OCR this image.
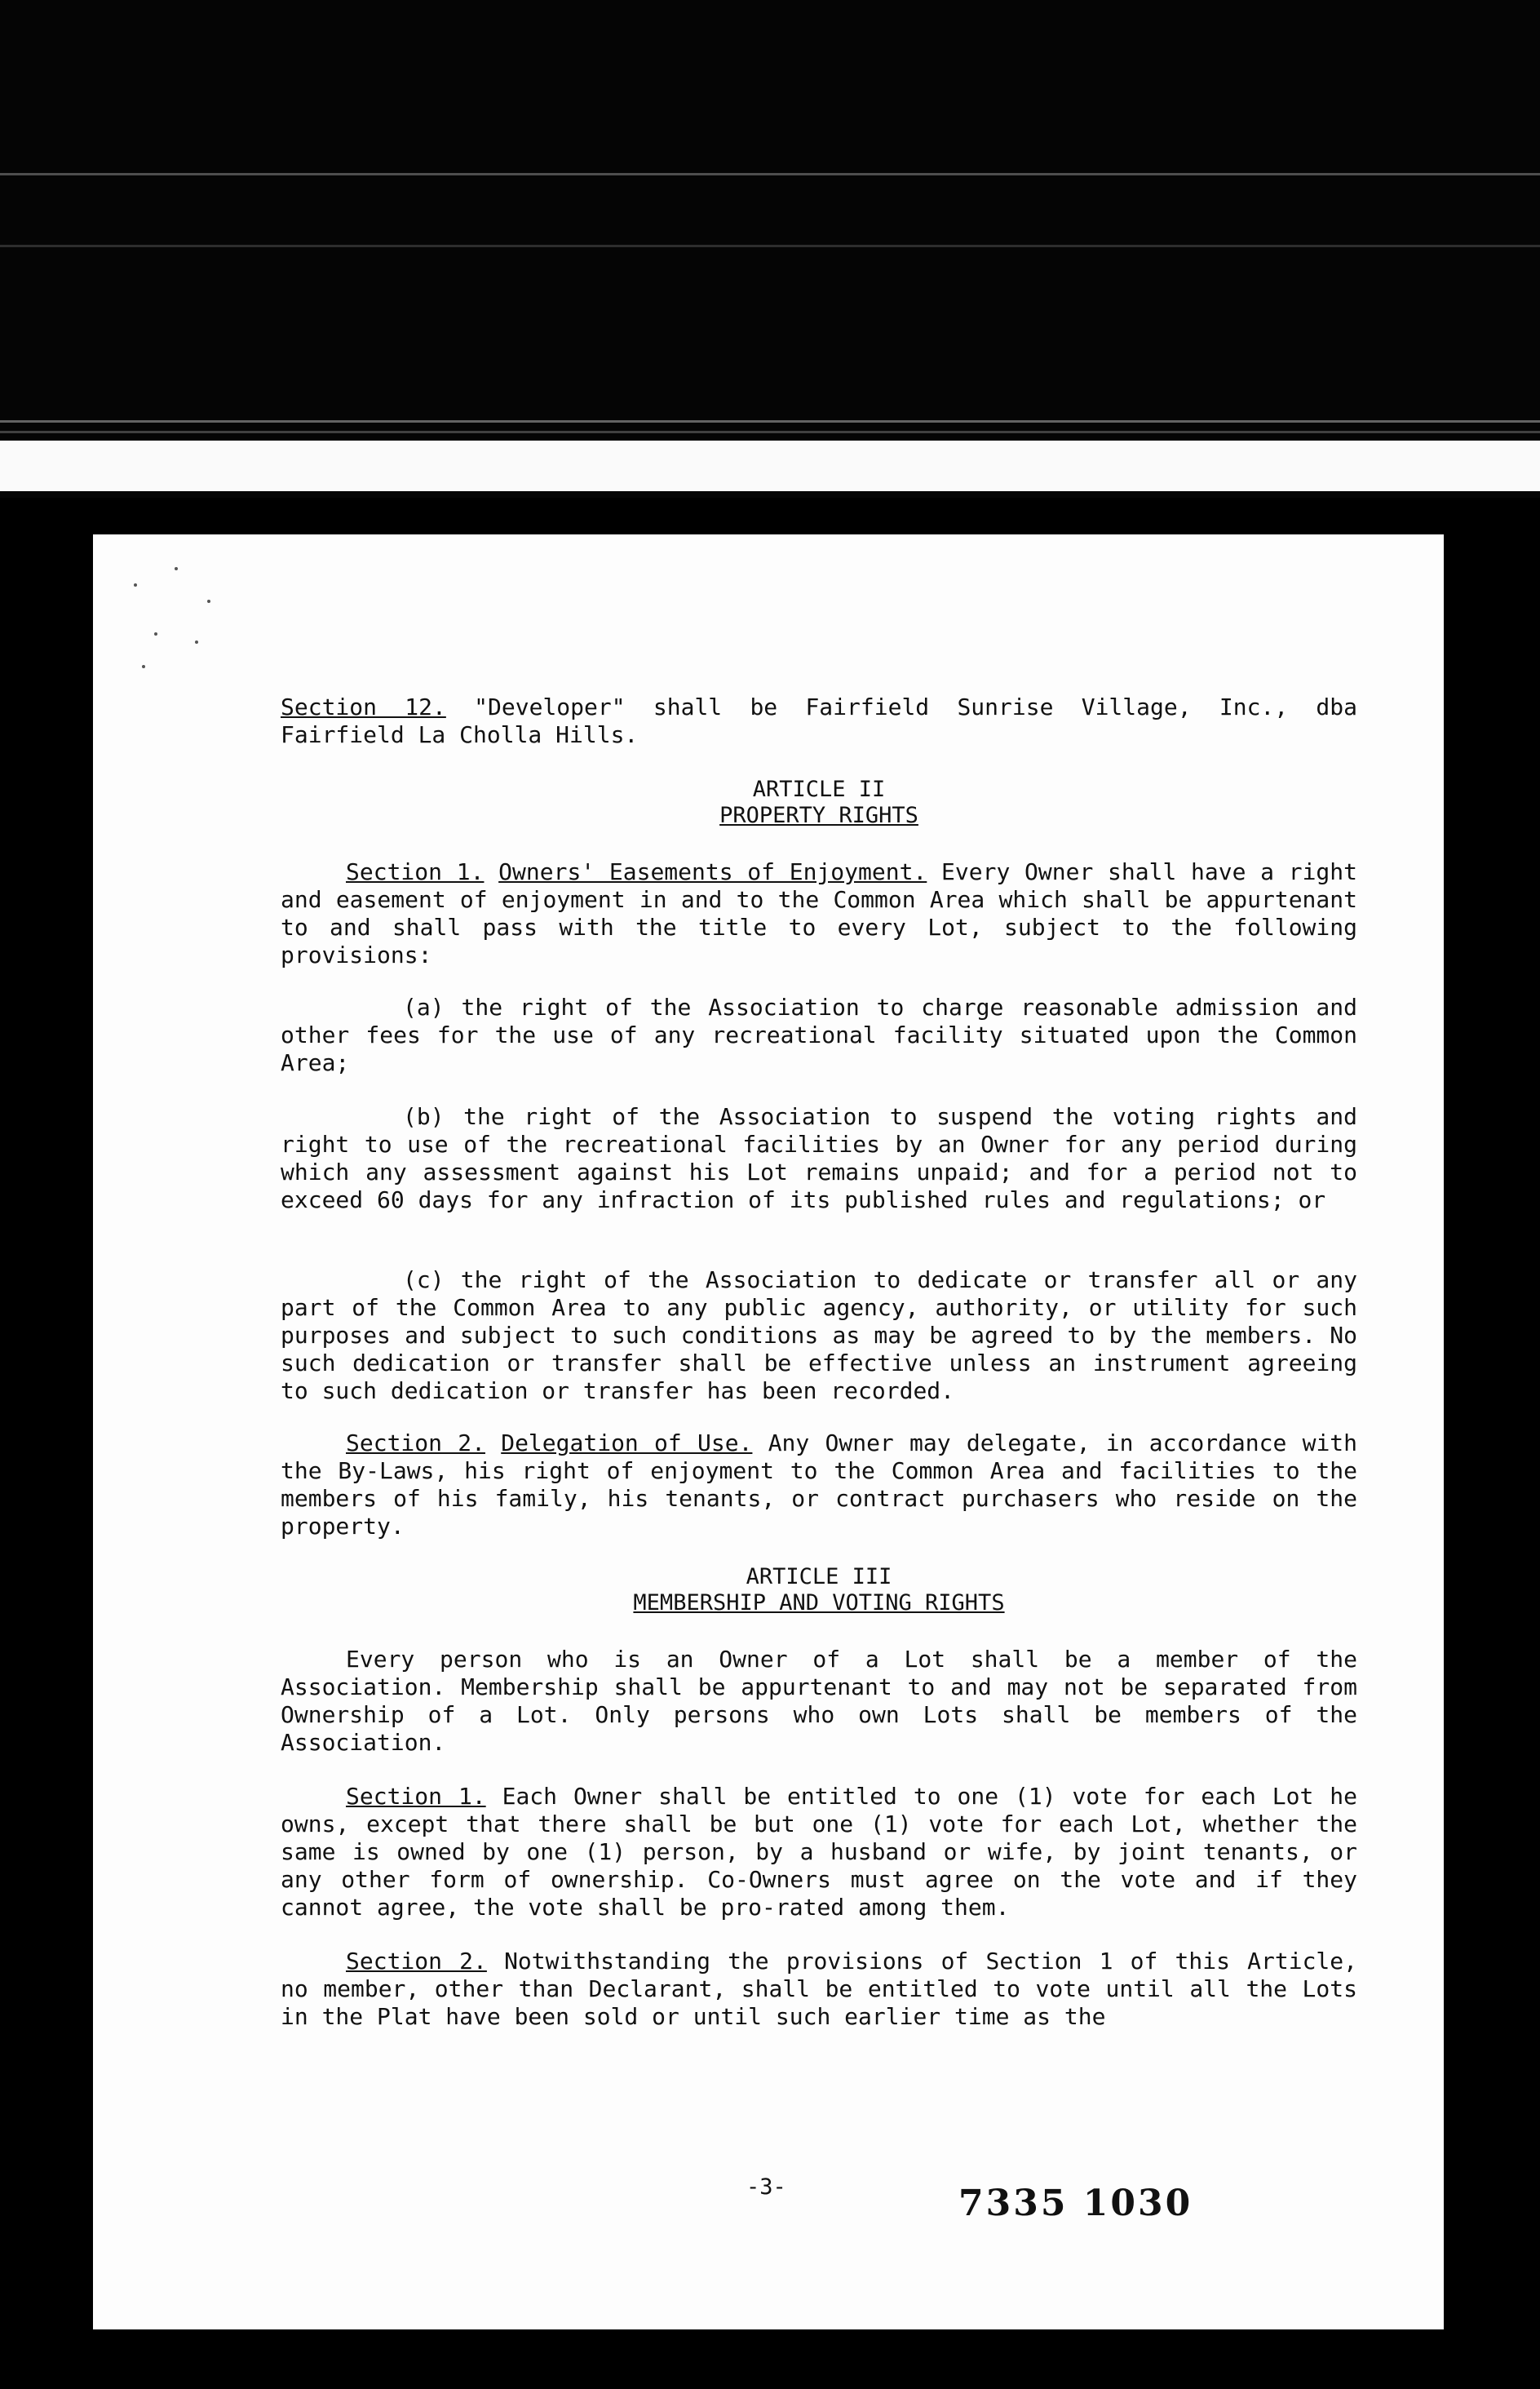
Section 12. "Developer" shall be Fairfield Sunrise Village, Inc., dba Fairfield La Cholla Hills.

ARTICLE II
PROPERTY RIGHTS

Section 1. Owners' Easements of Enjoyment. Every Owner shall have a right and easement of enjoyment in and to the Common Area which shall be appurtenant to and shall pass with the title to every Lot, subject to the following provisions:

(a) the right of the Association to charge reasonable admission and other fees for the use of any recreational facility situated upon the Common Area;

(b) the right of the Association to suspend the voting rights and right to use of the recreational facilities by an Owner for any period during which any assessment against his Lot remains unpaid; and for a period not to exceed 60 days for any infraction of its published rules and regulations; or

(c) the right of the Association to dedicate or transfer all or any part of the Common Area to any public agency, authority, or utility for such purposes and subject to such conditions as may be agreed to by the members. No such dedication or transfer shall be effective unless an instrument agreeing to such dedication or transfer has been recorded.

Section 2. Delegation of Use. Any Owner may delegate, in accordance with the By-Laws, his right of enjoyment to the Common Area and facilities to the members of his family, his tenants, or contract purchasers who reside on the property.

ARTICLE III
MEMBERSHIP AND VOTING RIGHTS

Every person who is an Owner of a Lot shall be a member of the Association. Membership shall be appurtenant to and may not be separated from Ownership of a Lot. Only persons who own Lots shall be members of the Association.

Section 1. Each Owner shall be entitled to one (1) vote for each Lot he owns, except that there shall be but one (1) vote for each Lot, whether the same is owned by one (1) person, by a husband or wife, by joint tenants, or any other form of ownership. Co-Owners must agree on the vote and if they cannot agree, the vote shall be pro-rated among them.

Section 2. Notwithstanding the provisions of Section 1 of this Article, no member, other than Declarant, shall be entitled to vote until all the Lots in the Plat have been sold or until such earlier time as the

-3-	7335 1030
